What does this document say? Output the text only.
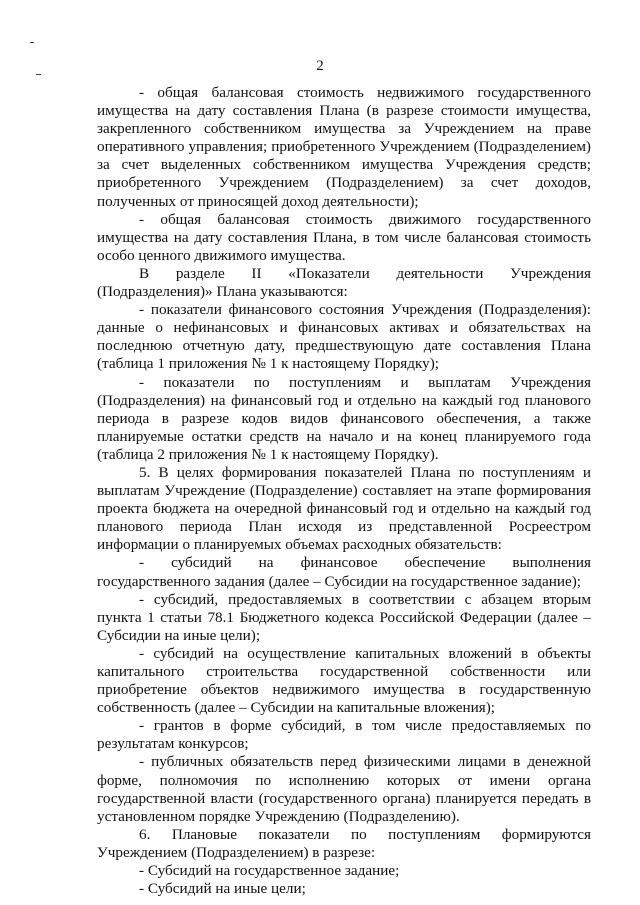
2

- общая балансовая стоимость недвижимого государственного имущества на дату составления Плана (в разрезе стоимости имущества, закрепленного собственником имущества за Учреждением на праве оперативного управления; приобретенного Учреждением (Подразделением) за счет выделенных собственником имущества Учреждения средств; приобретенного Учреждением (Подразделением) за счет доходов, полученных от приносящей доход деятельности);

- общая балансовая стоимость движимого государственного имущества на дату составления Плана, в том числе балансовая стоимость особо ценного движимого имущества.

В разделе II «Показатели деятельности Учреждения (Подразделения)» Плана указываются:

- показатели финансового состояния Учреждения (Подразделения): данные о нефинансовых и финансовых активах и обязательствах на последнюю отчетную дату, предшествующую дате составления Плана (таблица 1 приложения № 1 к настоящему Порядку);

- показатели по поступлениям и выплатам Учреждения (Подразделения) на финансовый год и отдельно на каждый год планового периода в разрезе кодов видов финансового обеспечения, а также планируемые остатки средств на начало и на конец планируемого года (таблица 2 приложения № 1 к настоящему Порядку).

5. В целях формирования показателей Плана по поступлениям и выплатам Учреждение (Подразделение) составляет на этапе формирования проекта бюджета на очередной финансовый год и отдельно на каждый год планового периода План исходя из представленной Росреестром информации о планируемых объемах расходных обязательств:

- субсидий на финансовое обеспечение выполнения государственного задания (далее – Субсидии на государственное задание);

- субсидий, предоставляемых в соответствии с абзацем вторым пункта 1 статьи 78.1 Бюджетного кодекса Российской Федерации (далее – Субсидии на иные цели);

- субсидий на осуществление капитальных вложений в объекты капитального строительства государственной собственности или приобретение объектов недвижимого имущества в государственную собственность (далее – Субсидии на капитальные вложения);

- грантов в форме субсидий, в том числе предоставляемых по результатам конкурсов;

- публичных обязательств перед физическими лицами в денежной форме, полномочия по исполнению которых от имени органа государственной власти (государственного органа) планируется передать в установленном порядке Учреждению (Подразделению).

6. Плановые показатели по поступлениям формируются Учреждением (Подразделением) в разрезе:

- Субсидий на государственное задание;

- Субсидий на иные цели;
